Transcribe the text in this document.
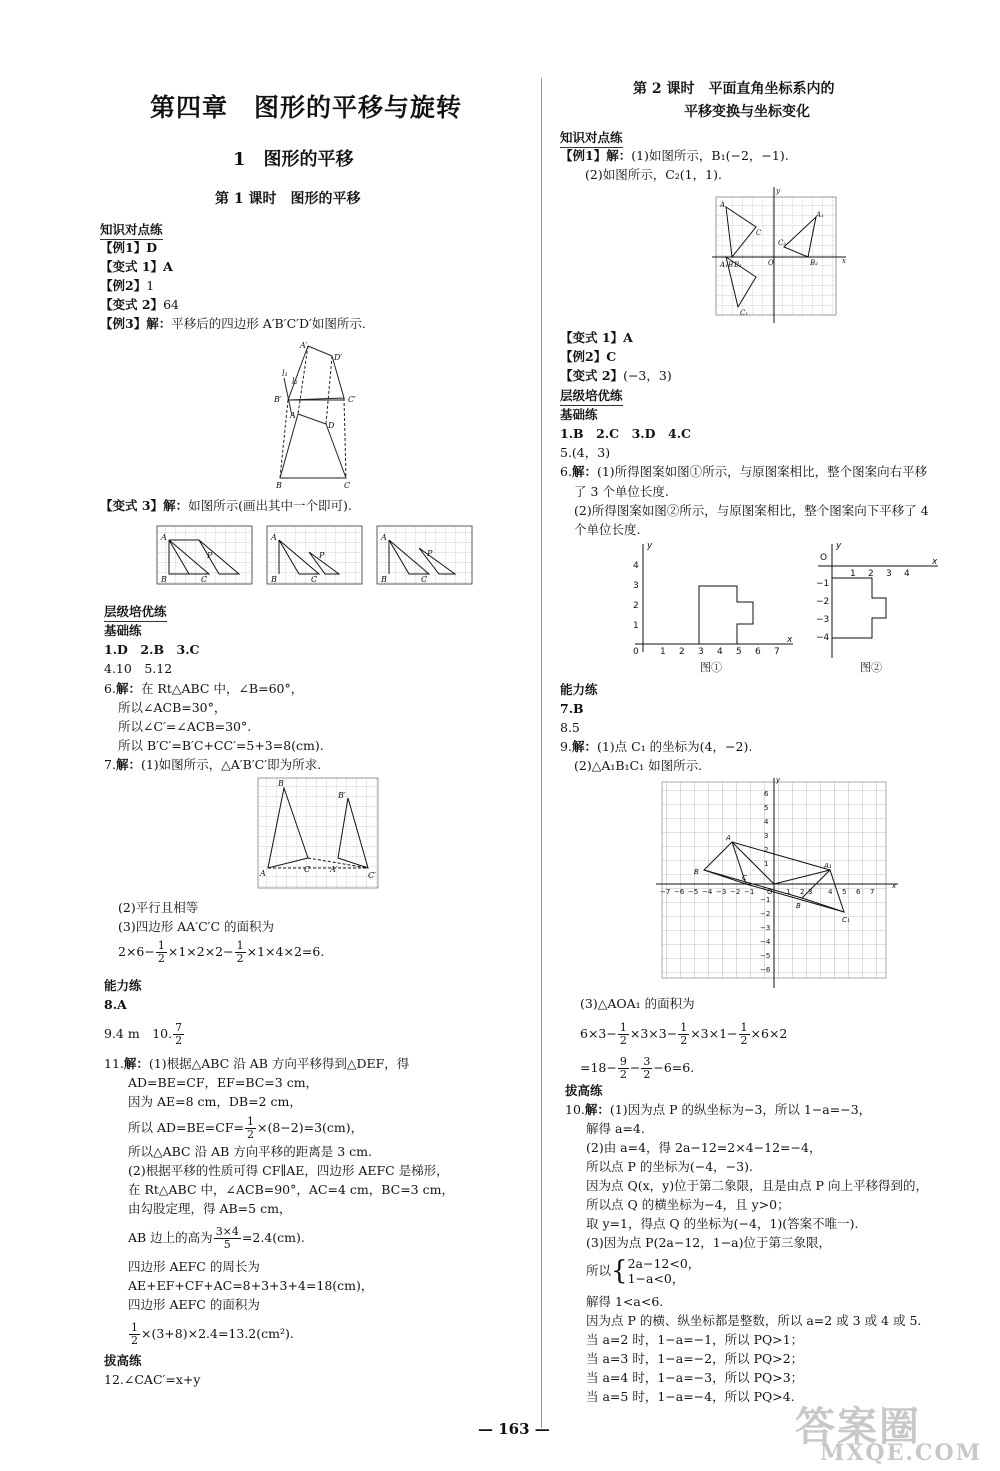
第四章　图形的平移与旋转
1　图形的平移
第 1 课时　图形的平移
第 2 课时　平面直角坐标系内的
平移变换与坐标变化
知识对点练
【例1】D
【变式 1】A
【例2】1
【变式 2】64
【例3】解：平移后的四边形 A′B′C′D′如图所示.
A′
D′
B′	C′
A
D
B	C
l₁
l₂
【变式 3】解：如图所示(画出其中一个即可).
A
B	C
P
A
B	C
P
A
B	C
P
层级培优练
基础练
1.D　2.B　3.C
4.10　5.12
6.解：在 Rt△ABC 中，∠B=60°，
所以∠ACB=30°，
所以∠C′=∠ACB=30°.
所以 B′C′=B′C+CC′=5+3=8(cm).
7.解：(1)如图所示，△A′B′C′即为所求.
B
B′
A	C A′
C′
(2)平行且相等
(3)四边形 AA′C′C 的面积为
$2\times 6- \frac{1}{2} \times 1\times 2\times 2- \frac{1}{2} \times 1\times 4\times 2=6$.
能力练
8.A
9.4 m　10. $\frac{7}{2}$
11.解：(1)根据△ABC 沿 AB 方向平移得到△DEF，得
AD=BE=CF，EF=BC=3 cm，
因为 AE=8 cm，DB=2 cm，
所以 $AD=BE=CF= \frac{1}{2} \times(8-2)=3(cm)$，
所以△ABC 沿 AB 方向平移的距离是 3 cm.
(2)根据平移的性质可得 CF∥AE，四边形 AEFC 是梯形，
在 Rt△ABC 中，∠ACB=90°，AC=4 cm，BC=3 cm，
由勾股定理，得 AB=5 cm，
AB 边上的高为 $\frac{3\times 4}{5} =2.4(cm)$.
四边形 AEFC 的周长为
AE+EF+CF+AC=8+3+3+4=18(cm)，
四边形 AEFC 的面积为
$\frac{1}{2} \times(3+8)\times 2.4=13.2(cm^2)$.
拔高练
12.∠CAC′=x+y
知识对点练
【例1】解：(1)如图所示，B₁(−2，−1).
(2)如图所示，C₂(1，1).
A
C
B
A₁ B₁
C₁
A₁
B₂
C₂
O
y
x
【变式 1】A
【例2】C
【变式 2】(−3，3)
层级培优练
基础练
1.B　2.C　3.D　4.C
5.(4，3)
6.解：(1)所得图案如图①所示，与原图案相比，整个图案向右平移
了 3 个单位长度.
(2)所得图案如图②所示，与原图案相比，整个图案向下平移了 4
个单位长度.
0 1 2 3 4 5 6 7
1
2
3
4
y
x
图①
O
1 2 3 4
−1
−2
−3
−4
y
x
图②
能力练
7.B
8.5
9.解：(1)点 C₁ 的坐标为(4，−2).
(2)△A₁B₁C₁ 如图所示.
−7 −6 −5 −4 −3 −2 −1 O 1 2 3 4 5 6 7
6
5
4
3
2
1
−1
−2
−3
−4
−5
−6
y
x
A
B
C
A₁
B
C₁
(3)△AOA₁ 的面积为
$6\times 3- \frac{1}{2} \times 3\times 3- \frac{1}{2} \times 3\times 1- \frac{1}{2} \times 6\times 2$
$=18- \frac{9}{2} - \frac{3}{2} -6=6$.
拔高练
10.解：(1)因为点 P 的纵坐标为−3，所以 1−a=−3，
解得 a=4.
(2)由 a=4，得 2a−12=2×4−12=−4，
所以点 P 的坐标为(−4，−3).
因为点 Q(x，y)位于第二象限，且是由点 P 向上平移得到的，
所以点 Q 的横坐标为−4，且 y>0；
取 y=1，得点 Q 的坐标为(−4，1)(答案不唯一).
(3)因为点 P(2a−12，1−a)位于第三象限，
所以{ 2a−12<0，
1−a<0，
解得 1<a<6.
因为点 P 的横、纵坐标都是整数，所以 a=2 或 3 或 4 或 5.
当 a=2 时，1−a=−1，所以 PQ>1；
当 a=3 时，1−a=−2，所以 PQ>2；
当 a=4 时，1−a=−3，所以 PQ>3；
当 a=5 时，1−a=−4，所以 PQ>4.
— 163 —	答案圈
MXQE.COM
